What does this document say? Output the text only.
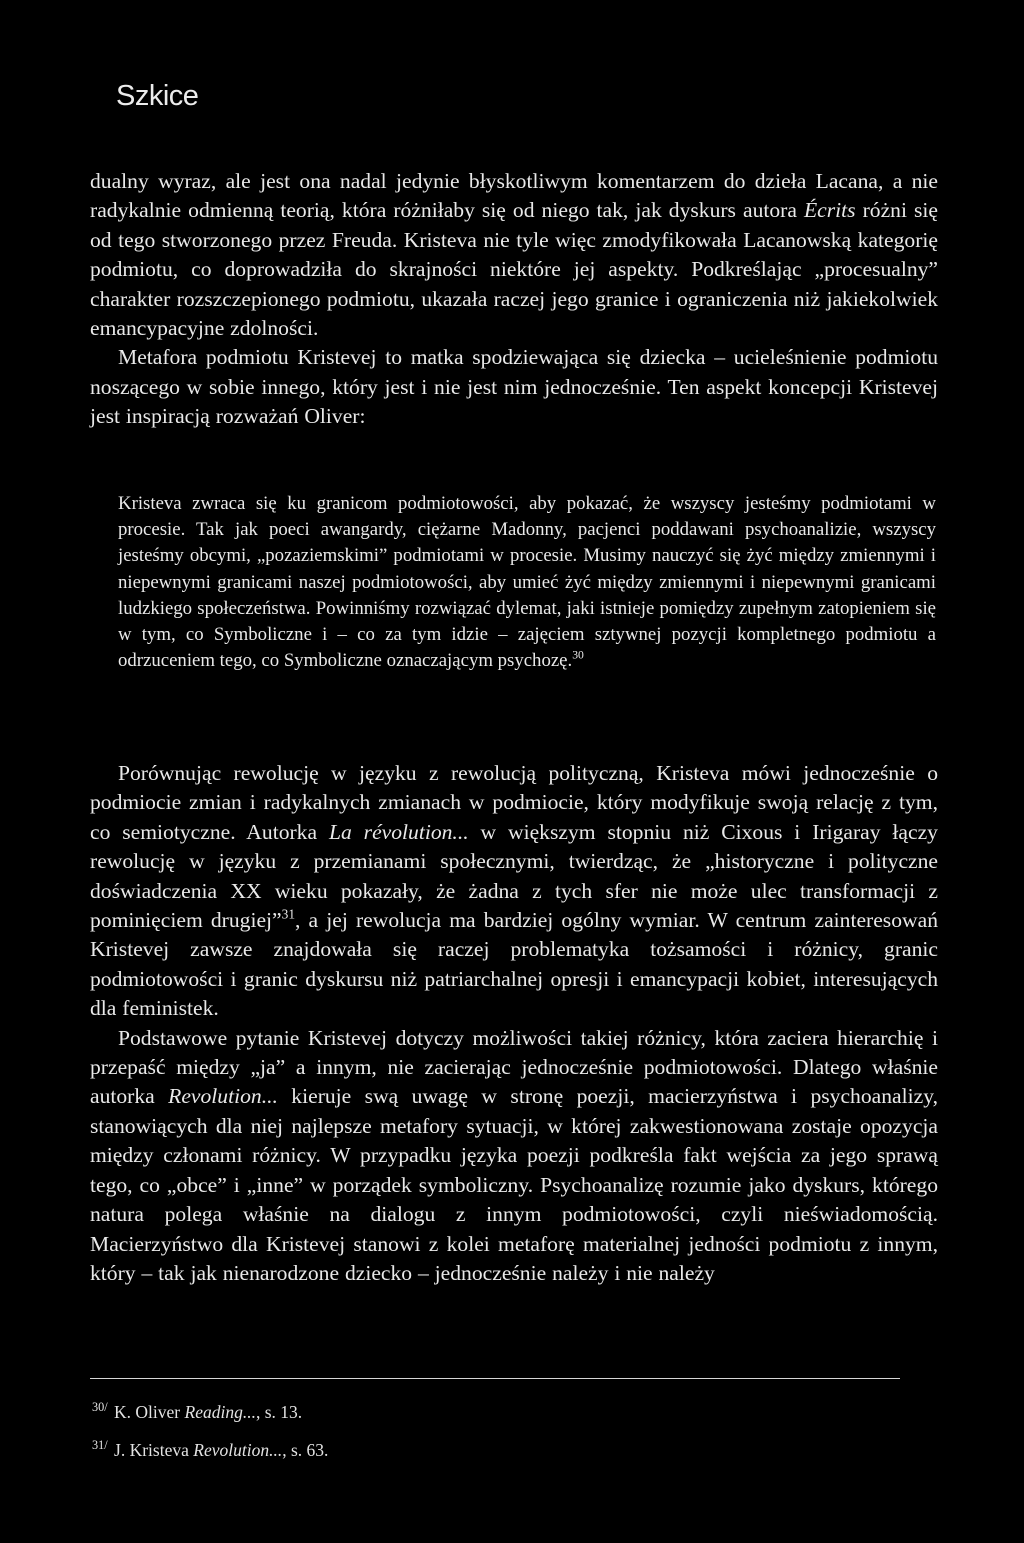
Szkice

dualny wyraz, ale jest ona nadal jedynie błyskotliwym komentarzem do dzieła Lacana, a nie radykalnie odmienną teorią, która różniłaby się od niego tak, jak dyskurs autora Écrits różni się od tego stworzonego przez Freuda. Kristeva nie tyle więc zmodyfikowała Lacanowską kategorię podmiotu, co doprowadziła do skrajności niektóre jej aspekty. Podkreślając „procesualny” charakter rozszczepionego podmiotu, ukazała raczej jego granice i ograniczenia niż jakiekolwiek emancypacyjne zdolności.

Metafora podmiotu Kristevej to matka spodziewająca się dziecka – ucieleśnienie podmiotu noszącego w sobie innego, który jest i nie jest nim jednocześnie. Ten aspekt koncepcji Kristevej jest inspiracją rozważań Oliver:

Kristeva zwraca się ku granicom podmiotowości, aby pokazać, że wszyscy jesteśmy podmiotami w procesie. Tak jak poeci awangardy, ciężarne Madonny, pacjenci poddawani psychoanalizie, wszyscy jesteśmy obcymi, „pozaziemskimi” podmiotami w procesie. Musimy nauczyć się żyć między zmiennymi i niepewnymi granicami naszej podmiotowości, aby umieć żyć między zmiennymi i niepewnymi granicami ludzkiego społeczeństwa. Powinniśmy rozwiązać dylemat, jaki istnieje pomiędzy zupełnym zatopieniem się w tym, co Symboliczne i – co za tym idzie – zajęciem sztywnej pozycji kompletnego podmiotu a odrzuceniem tego, co Symboliczne oznaczającym psychozę.$^{30}$

Porównując rewolucję w języku z rewolucją polityczną, Kristeva mówi jednocześnie o podmiocie zmian i radykalnych zmianach w podmiocie, który modyfikuje swoją relację z tym, co semiotyczne. Autorka La révolution... w większym stopniu niż Cixous i Irigaray łączy rewolucję w języku z przemianami społecznymi, twierdząc, że „historyczne i polityczne doświadczenia XX wieku pokazały, że żadna z tych sfer nie może ulec transformacji z pominięciem drugiej”$^{31}$, a jej rewolucja ma bardziej ogólny wymiar. W centrum zainteresowań Kristevej zawsze znajdowała się raczej problematyka tożsamości i różnicy, granic podmiotowości i granic dyskursu niż patriarchalnej opresji i emancypacji kobiet, interesujących dla feministek.

Podstawowe pytanie Kristevej dotyczy możliwości takiej różnicy, która zaciera hierarchię i przepaść między „ja” a innym, nie zacierając jednocześnie podmiotowości. Dlatego właśnie autorka Revolution... kieruje swą uwagę w stronę poezji, macierzyństwa i psychoanalizy, stanowiących dla niej najlepsze metafory sytuacji, w której zakwestionowana zostaje opozycja między członami różnicy. W przypadku języka poezji podkreśla fakt wejścia za jego sprawą tego, co „obce” i „inne” w porządek symboliczny. Psychoanalizę rozumie jako dyskurs, którego natura polega właśnie na dialogu z innym podmiotowości, czyli nieświadomością. Macierzyństwo dla Kristevej stanowi z kolei metaforę materialnej jedności podmiotu z innym, który – tak jak nienarodzone dziecko – jednocześnie należy i nie należy

$^{30/}$ K. Oliver Reading..., s. 13.

$^{31/}$ J. Kristeva Revolution..., s. 63.
